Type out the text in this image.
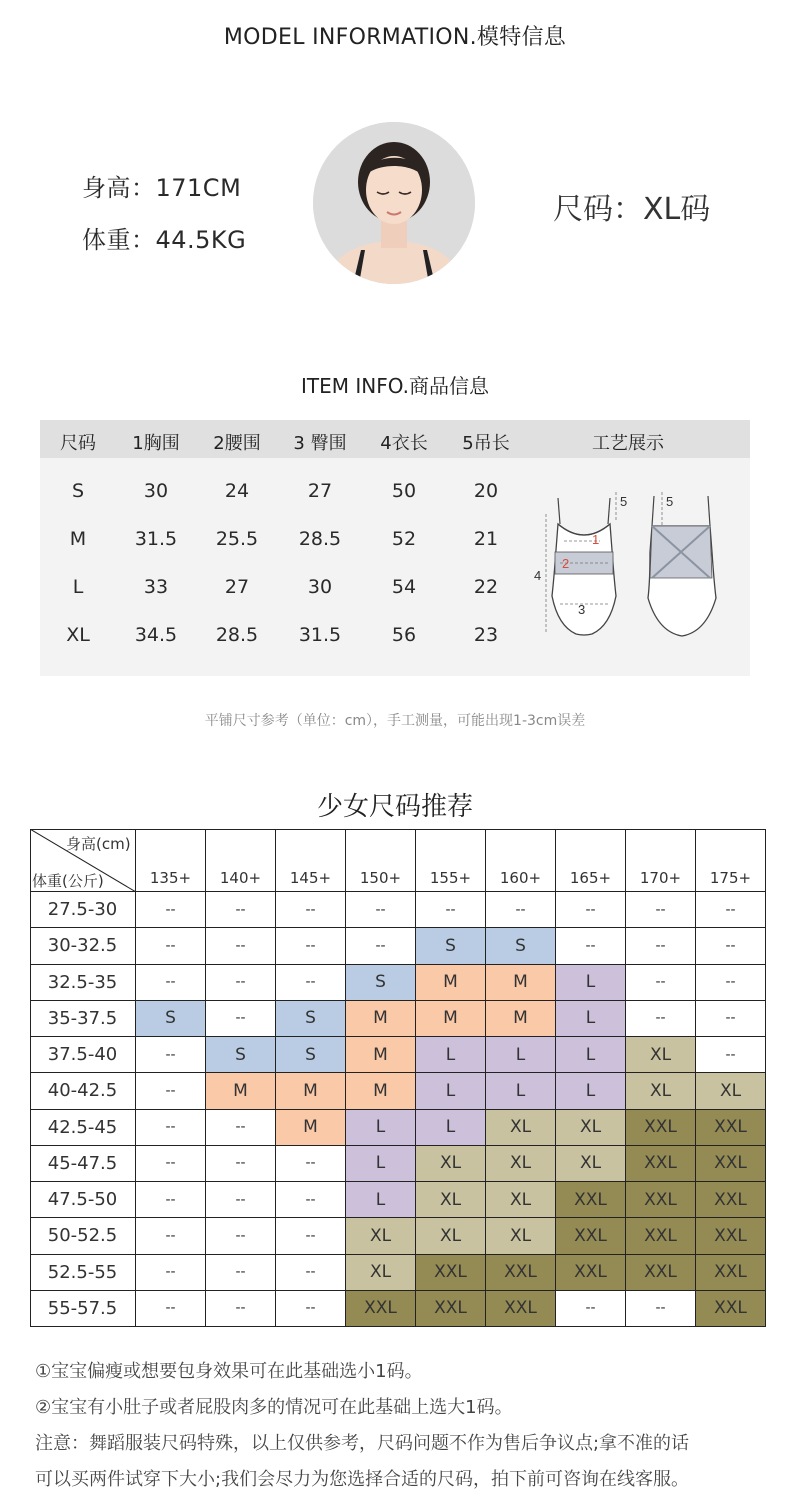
MODEL INFORMATION.模特信息
身高：171CM
体重：44.5KG
尺码：XL码
ITEM INFO.商品信息
尺码 1胸围 2腰围 3 臀围 4衣长 5吊长	工艺展示
S	30	24	27	50	20
M	31.5 25.5 28.5	52	21
L	33	27	30	54	22
XL 34.5 28.5 31.5	56	23
1
2
3
4
5	5
平铺尺寸参考（单位：cm），手工测量，可能出现1-3cm误差
少女尺码推荐
身高(cm)
体重(公斤)	135+	140+	145+	150+	155+	160+	165+	170+	175+
27.5-30	--	--	--	--	--	--	--	--	--
30-32.5	--	--	--	--	S	S	--	--	--
32.5-35	--	--	--	S	M	M	L	--	--
35-37.5	S	--	S	M	M	M	L	--	--
37.5-40	--	S	S	M	L	L	L	XL	--
40-42.5	--	M	M	M	L	L	L	XL	XL
42.5-45	--	--	M	L	L	XL	XL	XXL	XXL
45-47.5	--	--	--	L	XL	XL	XL	XXL	XXL
47.5-50	--	--	--	L	XL	XL	XXL	XXL	XXL
50-52.5	--	--	--	XL	XL	XL	XXL	XXL	XXL
52.5-55	--	--	--	XL	XXL	XXL	XXL	XXL	XXL
55-57.5	--	--	--	XXL	XXL	XXL	--	--	XXL
①宝宝偏瘦或想要包身效果可在此基础选小1码。
②宝宝有小肚子或者屁股肉多的情况可在此基础上选大1码。
注意：舞蹈服装尺码特殊，以上仅供参考，尺码问题不作为售后争议点;拿不准的话
可以买两件试穿下大小;我们会尽力为您选择合适的尺码，拍下前可咨询在线客服。
